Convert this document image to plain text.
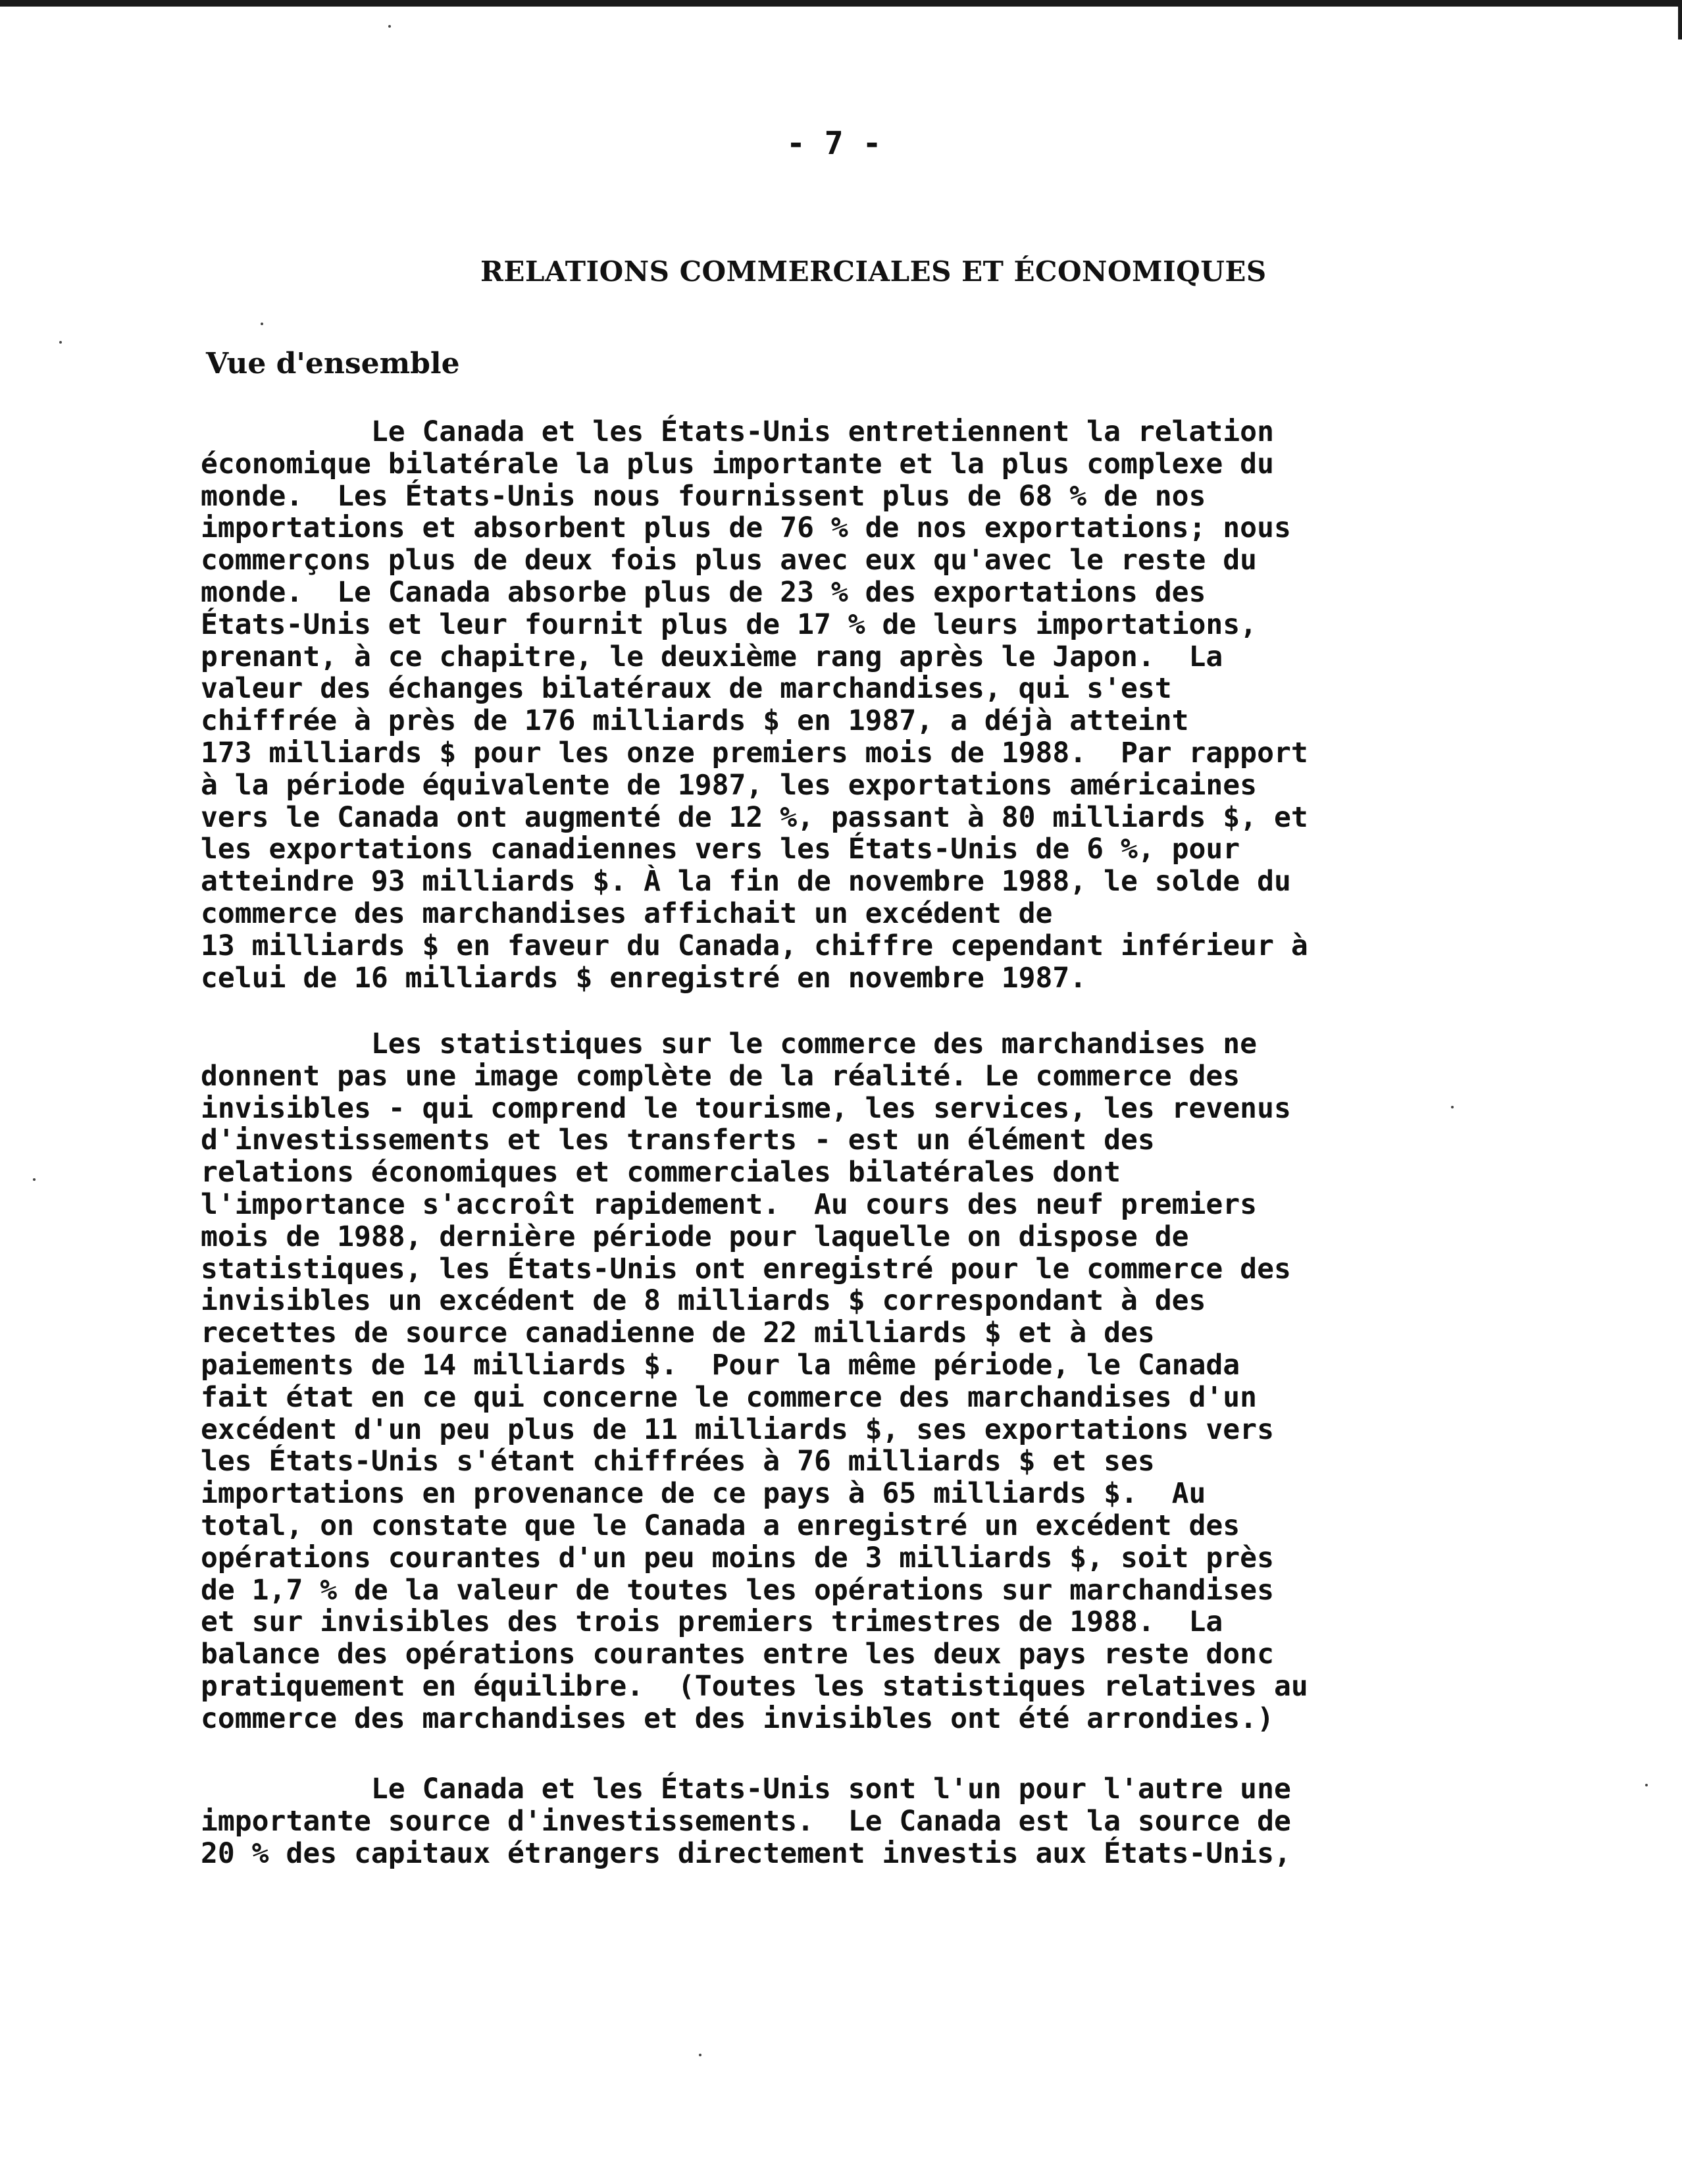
- 7 -
RELATIONS COMMERCIALES ET ÉCONOMIQUES
Vue d'ensemble

Le Canada et les États-Unis entretiennent la relation
économique bilatérale la plus importante et la plus complexe du
monde.  Les États-Unis nous fournissent plus de 68 % de nos
importations et absorbent plus de 76 % de nos exportations; nous
commerçons plus de deux fois plus avec eux qu'avec le reste du
monde.  Le Canada absorbe plus de 23 % des exportations des
États-Unis et leur fournit plus de 17 % de leurs importations,
prenant, à ce chapitre, le deuxième rang après le Japon.  La
valeur des échanges bilatéraux de marchandises, qui s'est
chiffrée à près de 176 milliards $ en 1987, a déjà atteint
173 milliards $ pour les onze premiers mois de 1988.  Par rapport
à la période équivalente de 1987, les exportations américaines
vers le Canada ont augmenté de 12 %, passant à 80 milliards $, et
les exportations canadiennes vers les États-Unis de 6 %, pour
atteindre 93 milliards $. À la fin de novembre 1988, le solde du
commerce des marchandises affichait un excédent de
13 milliards $ en faveur du Canada, chiffre cependant inférieur à
celui de 16 milliards $ enregistré en novembre 1987.

Les statistiques sur le commerce des marchandises ne
donnent pas une image complète de la réalité. Le commerce des
invisibles - qui comprend le tourisme, les services, les revenus
d'investissements et les transferts - est un élément des
relations économiques et commerciales bilatérales dont
l'importance s'accroît rapidement.  Au cours des neuf premiers
mois de 1988, dernière période pour laquelle on dispose de
statistiques, les États-Unis ont enregistré pour le commerce des
invisibles un excédent de 8 milliards $ correspondant à des
recettes de source canadienne de 22 milliards $ et à des
paiements de 14 milliards $.  Pour la même période, le Canada
fait état en ce qui concerne le commerce des marchandises d'un
excédent d'un peu plus de 11 milliards $, ses exportations vers
les États-Unis s'étant chiffrées à 76 milliards $ et ses
importations en provenance de ce pays à 65 milliards $.  Au
total, on constate que le Canada a enregistré un excédent des
opérations courantes d'un peu moins de 3 milliards $, soit près
de 1,7 % de la valeur de toutes les opérations sur marchandises
et sur invisibles des trois premiers trimestres de 1988.  La
balance des opérations courantes entre les deux pays reste donc
pratiquement en équilibre.  (Toutes les statistiques relatives au
commerce des marchandises et des invisibles ont été arrondies.)

Le Canada et les États-Unis sont l'un pour l'autre une
importante source d'investissements.  Le Canada est la source de
20 % des capitaux étrangers directement investis aux États-Unis,
